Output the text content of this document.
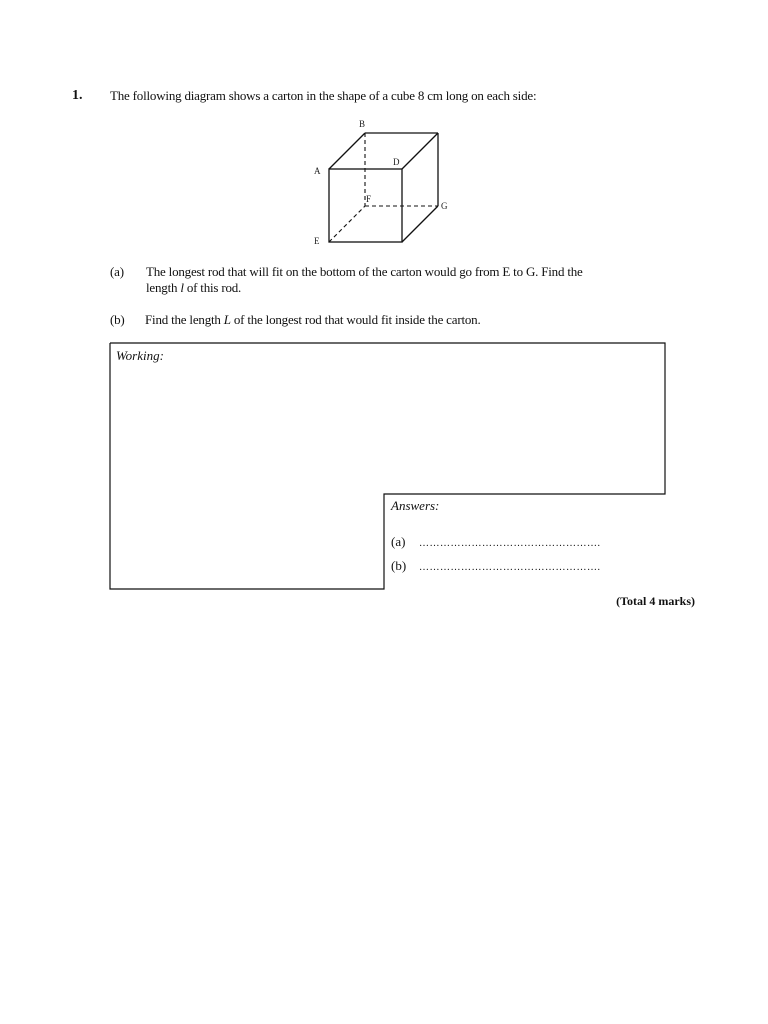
1. The following diagram shows a carton in the shape of a cube 8 cm long on each side:
B
A
D
F
G
E
(a) The longest rod that will fit on the bottom of the carton would go from E to G. Find the
length l of this rod.
(b) Find the length L of the longest rod that would fit inside the carton.
Working:
Answers:
(a) …………………………………………….
(b) …………………………………………….
(Total 4 marks)
